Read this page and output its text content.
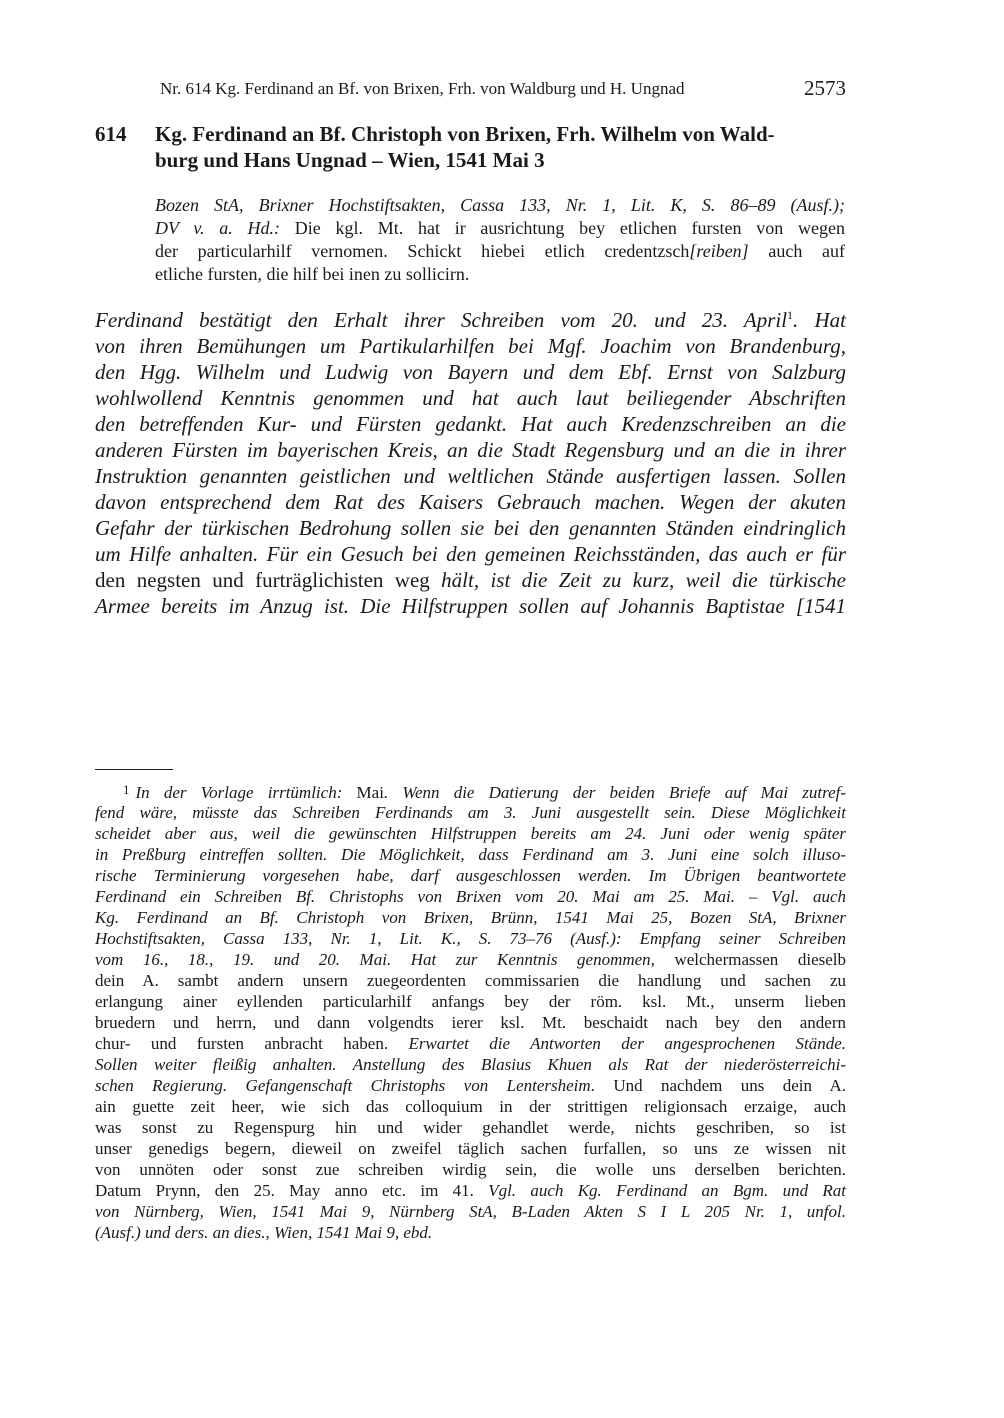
Nr. 614 Kg. Ferdinand an Bf. von Brixen, Frh. von Waldburg und H. Ungnad	2573
614 Kg. Ferdinand an Bf. Christoph von Brixen, Frh. Wilhelm von Wald-
burg und Hans Ungnad – Wien, 1541 Mai 3
Bozen StA, Brixner Hochstiftsakten, Cassa 133, Nr. 1, Lit. K, S. 86–89 (Ausf.);
DV v. a. Hd.: Die kgl. Mt. hat ir ausrichtung bey etlichen fursten von wegen
der particularhilf vernomen. Schickt hiebei etlich credentzsch[reiben] auch auf
etliche fursten, die hilf bei inen zu sollicirn.
Ferdinand bestätigt den Erhalt ihrer Schreiben vom 20. und 23. April$^1$. Hat
von ihren Bemühungen um Partikularhilfen bei Mgf. Joachim von Brandenburg,
den Hgg. Wilhelm und Ludwig von Bayern und dem Ebf. Ernst von Salzburg
wohlwollend Kenntnis genommen und hat auch laut beiliegender Abschriften
den betreffenden Kur- und Fürsten gedankt. Hat auch Kredenzschreiben an die
anderen Fürsten im bayerischen Kreis, an die Stadt Regensburg und an die in ihrer
Instruktion genannten geistlichen und weltlichen Stände ausfertigen lassen. Sollen
davon entsprechend dem Rat des Kaisers Gebrauch machen. Wegen der akuten
Gefahr der türkischen Bedrohung sollen sie bei den genannten Ständen eindringlich
um Hilfe anhalten. Für ein Gesuch bei den gemeinen Reichsständen, das auch er für
den negsten und furträglichisten weg hält, ist die Zeit zu kurz, weil die türkische
Armee bereits im Anzug ist. Die Hilfstruppen sollen auf Johannis Baptistae [1541
$^1$ In der Vorlage irrtümlich: Mai. Wenn die Datierung der beiden Briefe auf Mai zutref-
fend wäre, müsste das Schreiben Ferdinands am 3. Juni ausgestellt sein. Diese Möglichkeit
scheidet aber aus, weil die gewünschten Hilfstruppen bereits am 24. Juni oder wenig später
in Preßburg eintreffen sollten. Die Möglichkeit, dass Ferdinand am 3. Juni eine solch illuso-
rische Terminierung vorgesehen habe, darf ausgeschlossen werden. Im Übrigen beantwortete
Ferdinand ein Schreiben Bf. Christophs von Brixen vom 20. Mai am 25. Mai. – Vgl. auch
Kg. Ferdinand an Bf. Christoph von Brixen, Brünn, 1541 Mai 25, Bozen StA, Brixner
Hochstiftsakten, Cassa 133, Nr. 1, Lit. K., S. 73–76 (Ausf.): Empfang seiner Schreiben
vom 16., 18., 19. und 20. Mai. Hat zur Kenntnis genommen, welchermassen dieselb
dein A. sambt andern unsern zuegeordenten commissarien die handlung und sachen zu
erlangung ainer eyllenden particularhilf anfangs bey der röm. ksl. Mt., unserm lieben
bruedern und herrn, und dann volgendts ierer ksl. Mt. beschaidt nach bey den andern
chur- und fursten anbracht haben. Erwartet die Antworten der angesprochenen Stände.
Sollen weiter fleißig anhalten. Anstellung des Blasius Khuen als Rat der niederösterreichi-
schen Regierung. Gefangenschaft Christophs von Lentersheim. Und nachdem uns dein A.
ain guette zeit heer, wie sich das colloquium in der strittigen religionsach erzaige, auch
was sonst zu Regenspurg hin und wider gehandlet werde, nichts geschriben, so ist
unser genedigs begern, dieweil on zweifel täglich sachen furfallen, so uns ze wissen nit
von unnöten oder sonst zue schreiben wirdig sein, die wolle uns derselben berichten.
Datum Prynn, den 25. May anno etc. im 41. Vgl. auch Kg. Ferdinand an Bgm. und Rat
von Nürnberg, Wien, 1541 Mai 9, Nürnberg StA, B-Laden Akten S I L 205 Nr. 1, unfol.
(Ausf.) und ders. an dies., Wien, 1541 Mai 9, ebd.
